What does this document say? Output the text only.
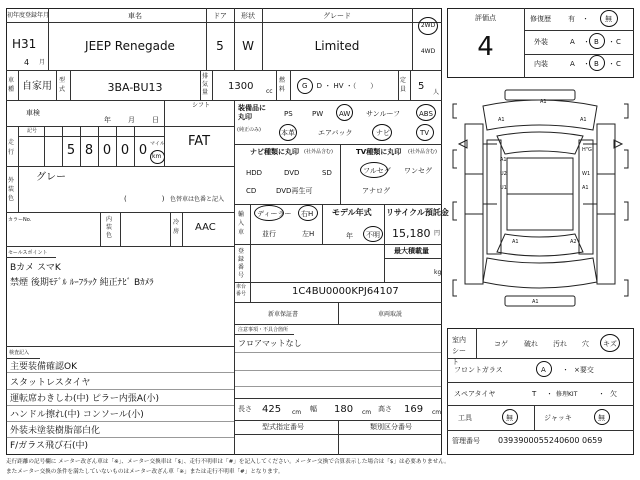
初年度登録年月
H31
4 月
車名
JEEP Renegade
ドア
5
形状
W
グレード
Limited
2WD
4WD
車種 自家用
型式	3BA-BU13
排気量
1300 cc
燃料 G　 D ・ HV ・（　　）
定員 5
人
車検
年 月 日
シフト
FAT
走行
記号
5 8 0 0 0 マイル
km
外装色
グレー
(　　　　　) 色替車は色番と記入
カラーNo.	内装色
冷房 AAC
セールスポイント
Bカメ スマK
禁煙 後期ﾓﾃﾞﾙ ﾙｰﾌﾗｯｸ 純正ﾅﾋﾞ Bｶﾒﾗ
検査記入
主要装備確認OK
スタットレスタイヤ
運転席わきしわ(中) ピラー内張A(小)
ハンドル擦れ(中) コンソール(小)
外装未塗装樹脂部白化
F/ガラス飛び石(中)
装備品に丸印
(純正のみ)
PS	PW AW サンルーフ	ABS
本革	エアバック	ナビ	TV
ナビ種類に丸印 (社外品含む)
HDD	DVD	SD
CD	DVD再生可
TV種類に丸印 (社外品含む)
フルセグ ワンセグ
アナログ
輸入車
ディーラー
並行
右H
左H
モデル年式
年 不明
リサイクル預託金
15,180 円
登録番号
最大積載量
kg
車台番号	1C4BU0000KPJ64107
新車保証書	車両取説
注意事項・不具合箇所
フロアマットなし
長さ 425 cm 幅 180 cm 高さ 169 cm
型式指定番号	類別区分番号
評価点
4
修復歴 有　・ 無
外装	A ・ B ・ C
内装	A ・ B ・ C
A1
A1	A1
H"G
A1
U2
U1
W1
A1
A1	A2
A1
室内シート
コゲ 破れ 汚れ 穴 キズ
フロントガラス	A ・ ×要交
スペアタイヤ	T ・ 修理KIT	・ 欠
工具	無	ジャッキ	無
管理番号 0393900055240600 0659
走行距離の記号欄に メーター改ざん車は「※」、メーター交換車は「$」、走行不明車は「#」を記入してください。メーター交換で合算表示した場合は「$」は必要ありません。
またメーター交換の条件を満たしていないものはメーター改ざん車「※」または走行不明車「#」となります。
